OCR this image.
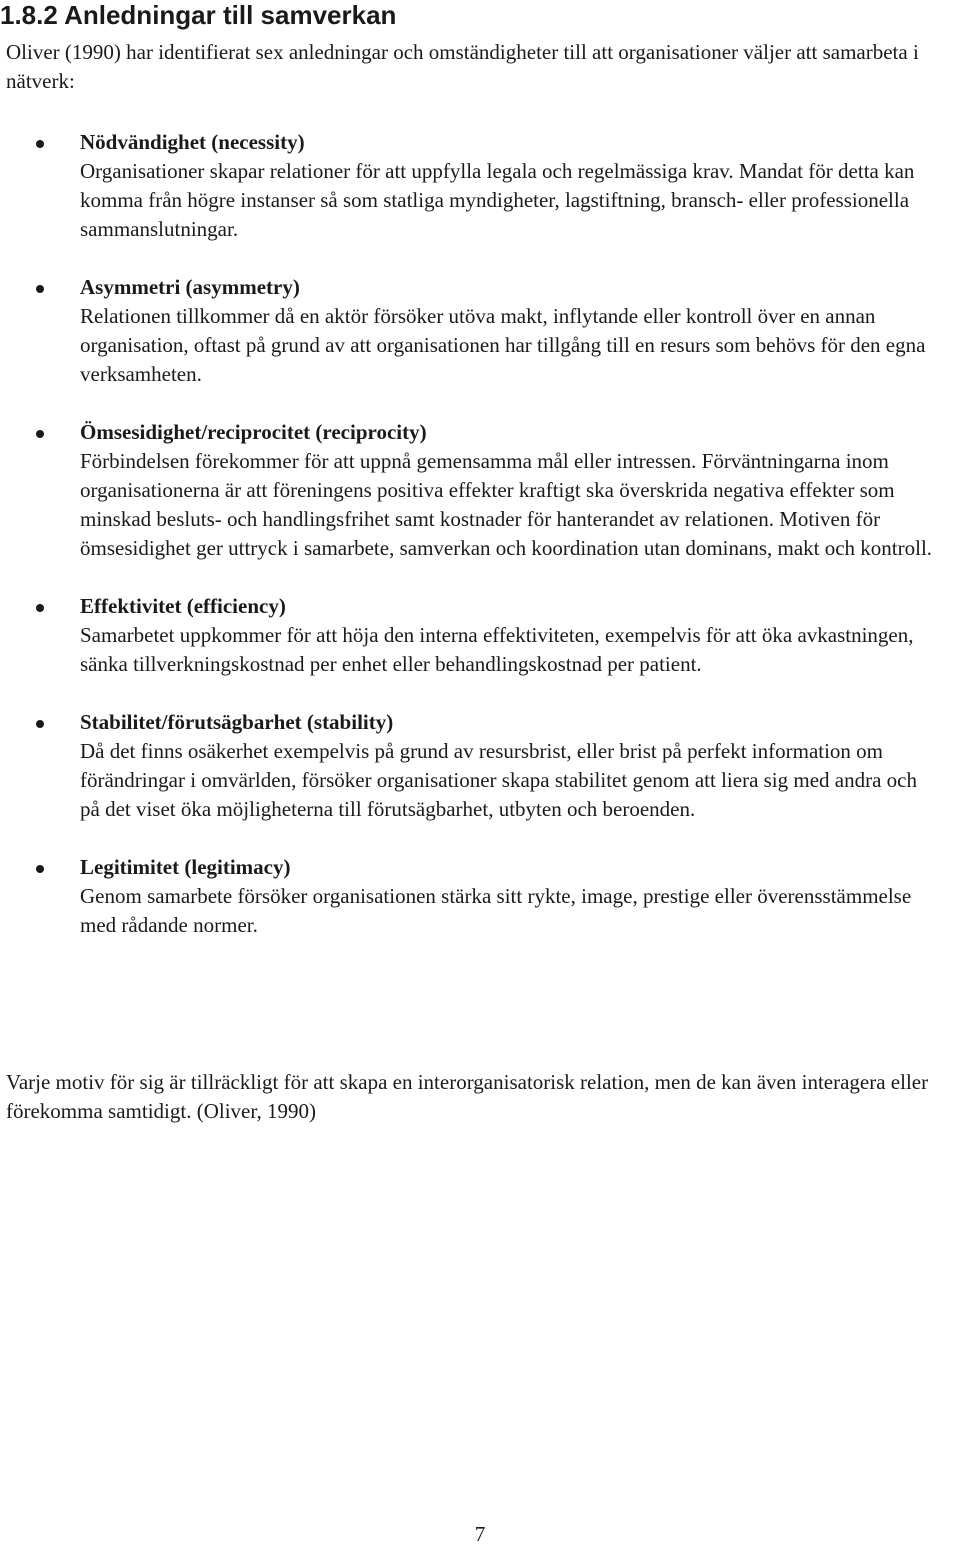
1.8.2 Anledningar till samverkan

Oliver (1990) har identifierat sex anledningar och omständigheter till att organisationer väljer att samarbeta i nätverk:

Nödvändighet (necessity)
Organisationer skapar relationer för att uppfylla legala och regelmässiga krav. Mandat för detta kan komma från högre instanser så som statliga myndigheter, lagstiftning, bransch- eller professionella sammanslutningar.
Asymmetri (asymmetry)
Relationen tillkommer då en aktör försöker utöva makt, inflytande eller kontroll över en annan organisation, oftast på grund av att organisationen har tillgång till en resurs som behövs för den egna verksamheten.
Ömsesidighet/reciprocitet (reciprocity)
Förbindelsen förekommer för att uppnå gemensamma mål eller intressen. Förväntningarna inom organisationerna är att föreningens positiva effekter kraftigt ska överskrida negativa effekter som minskad besluts- och handlingsfrihet samt kostnader för hanterandet av relationen. Motiven för ömsesidighet ger uttryck i samarbete, samverkan och koordination utan dominans, makt och kontroll.
Effektivitet (efficiency)
Samarbetet uppkommer för att höja den interna effektiviteten, exempelvis för att öka avkastningen, sänka tillverkningskostnad per enhet eller behandlingskostnad per patient.
Stabilitet/förutsägbarhet (stability)
Då det finns osäkerhet exempelvis på grund av resursbrist, eller brist på perfekt information om förändringar i omvärlden, försöker organisationer skapa stabilitet genom att liera sig med andra och på det viset öka möjligheterna till förutsägbarhet, utbyten och beroenden.
Legitimitet (legitimacy)
Genom samarbete försöker organisationen stärka sitt rykte, image, prestige eller överensstämmelse med rådande normer.

Varje motiv för sig är tillräckligt för att skapa en interorganisatorisk relation, men de kan även interagera eller förekomma samtidigt. (Oliver, 1990)

7
